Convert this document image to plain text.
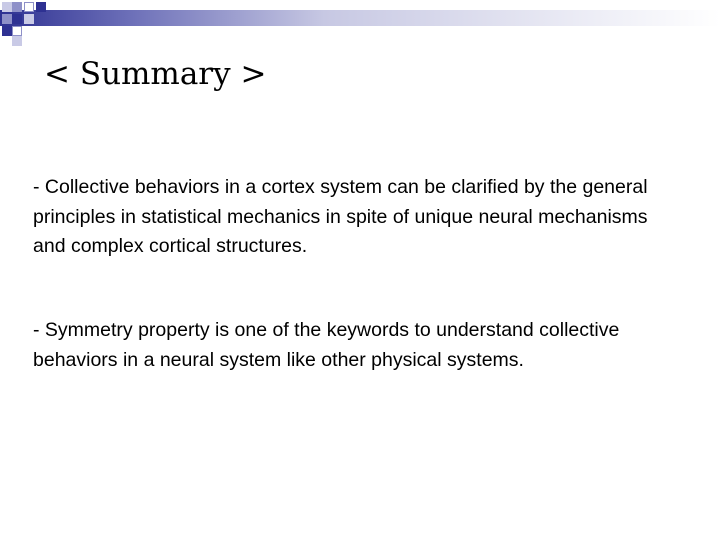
< Summary >
- Collective behaviors in a cortex system can be clarified by the general principles in statistical mechanics in spite of unique neural mechanisms and complex cortical structures.
- Symmetry property is one of the keywords to understand collective behaviors in a neural system like other physical systems.
